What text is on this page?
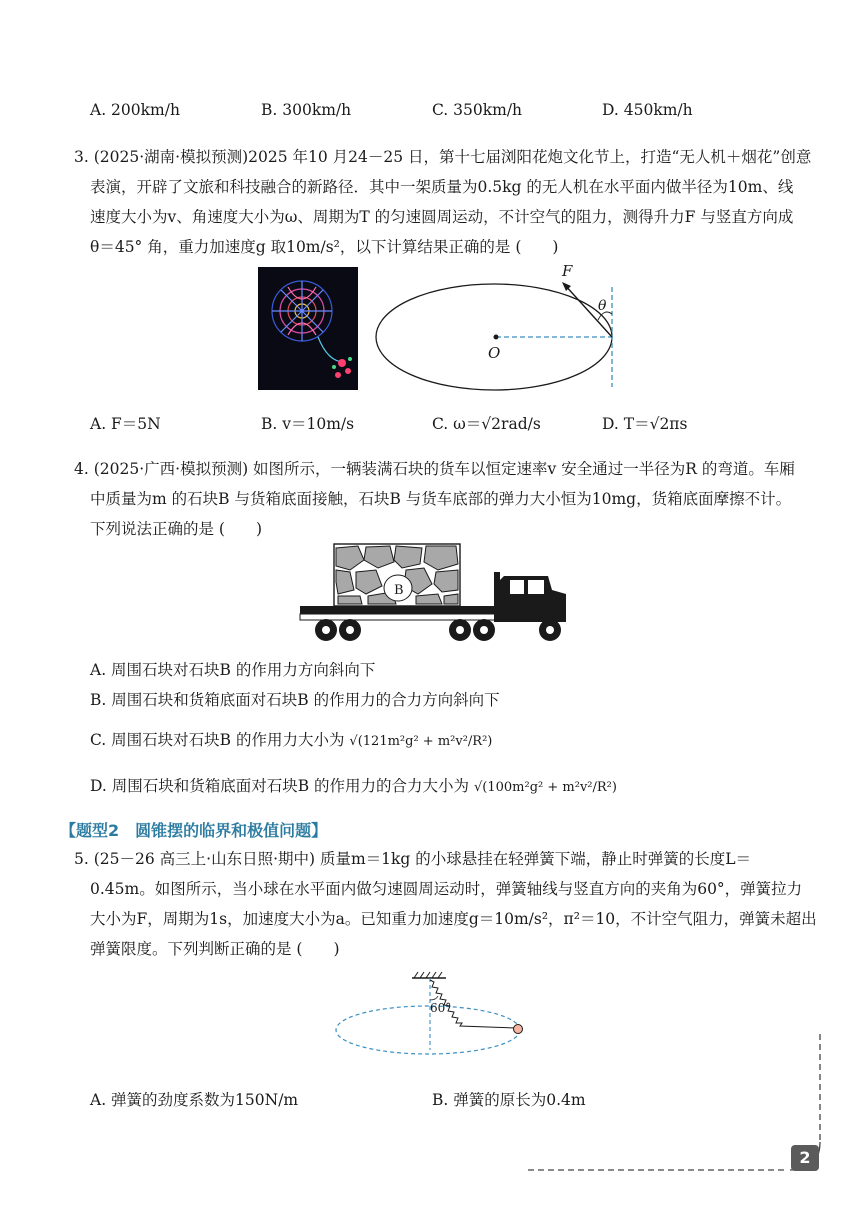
A. 200km/h	B. 300km/h	C. 350km/h	D. 450km/h
3. (2025·湖南·模拟预测)2025 年10 月24－25 日，第十七届浏阳花炮文化节上，打造“无人机＋烟花”创意
表演，开辟了文旅和科技融合的新路径．其中一架质量为0.5kg 的无人机在水平面内做半径为10m、线
速度大小为v、角速度大小为ω、周期为T 的匀速圆周运动，不计空气的阻力，测得升力F 与竖直方向成
θ＝45° 角，重力加速度g 取10m/s²，以下计算结果正确的是 (　　)
F
θ
O
A. F＝5N	B. v＝10m/s	C. ω＝√2rad/s	D. T＝√2πs
4. (2025·广西·模拟预测) 如图所示，一辆装满石块的货车以恒定速率v 安全通过一半径为R 的弯道。车厢
中质量为m 的石块B 与货箱底面接触，石块B 与货车底部的弹力大小恒为10mg，货箱底面摩擦不计。
下列说法正确的是 (　　)
B
A. 周围石块对石块B 的作用力方向斜向下
B. 周围石块和货箱底面对石块B 的作用力的合力方向斜向下
C. 周围石块对石块B 的作用力大小为 √(121m²g² + m²v²/R²)
D. 周围石块和货箱底面对石块B 的作用力的合力大小为 √(100m²g² + m²v²/R²)
【题型2　圆锥摆的临界和极值问题】
5. (25－26 高三上·山东日照·期中) 质量m＝1kg 的小球悬挂在轻弹簧下端，静止时弹簧的长度L＝
0.45m。如图所示，当小球在水平面内做匀速圆周运动时，弹簧轴线与竖直方向的夹角为60°，弹簧拉力
大小为F，周期为1s，加速度大小为a。已知重力加速度g＝10m/s²，π²＝10，不计空气阻力，弹簧未超出
弹簧限度。下列判断正确的是 (　　)
60°
A. 弹簧的劲度系数为150N/m	B. 弹簧的原长为0.4m
2
